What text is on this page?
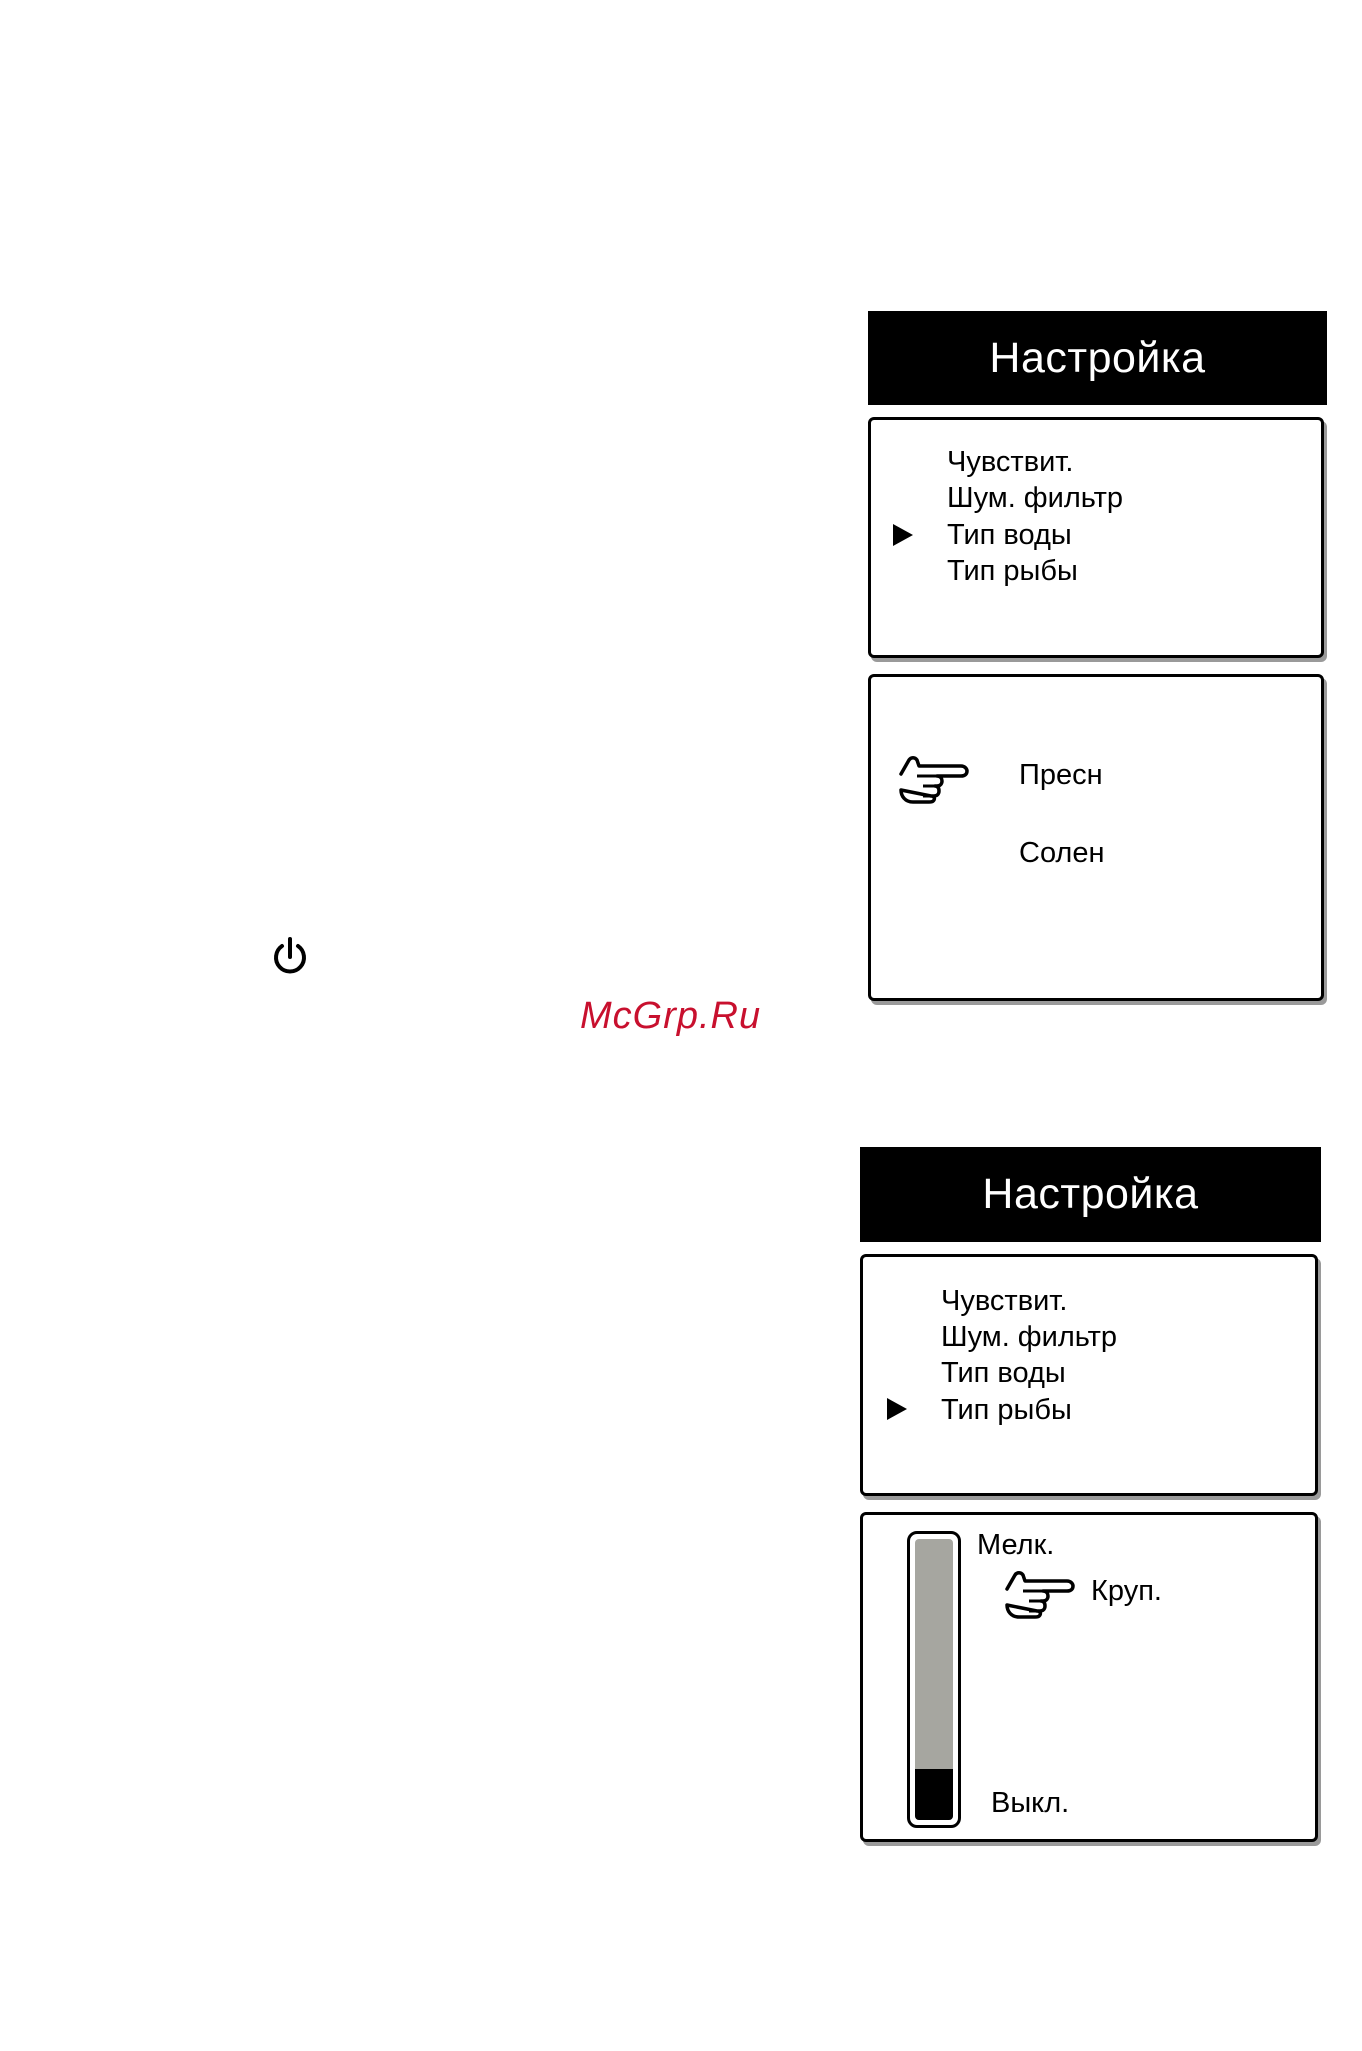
McGrp.Ru
Настройка
Чувствит.
Шум. фильтр
Тип воды
Тип рыбы
Пресн
Солен
Настройка
Чувствит.
Шум. фильтр
Тип воды
Тип рыбы
Мелк.
Круп.
Выкл.
